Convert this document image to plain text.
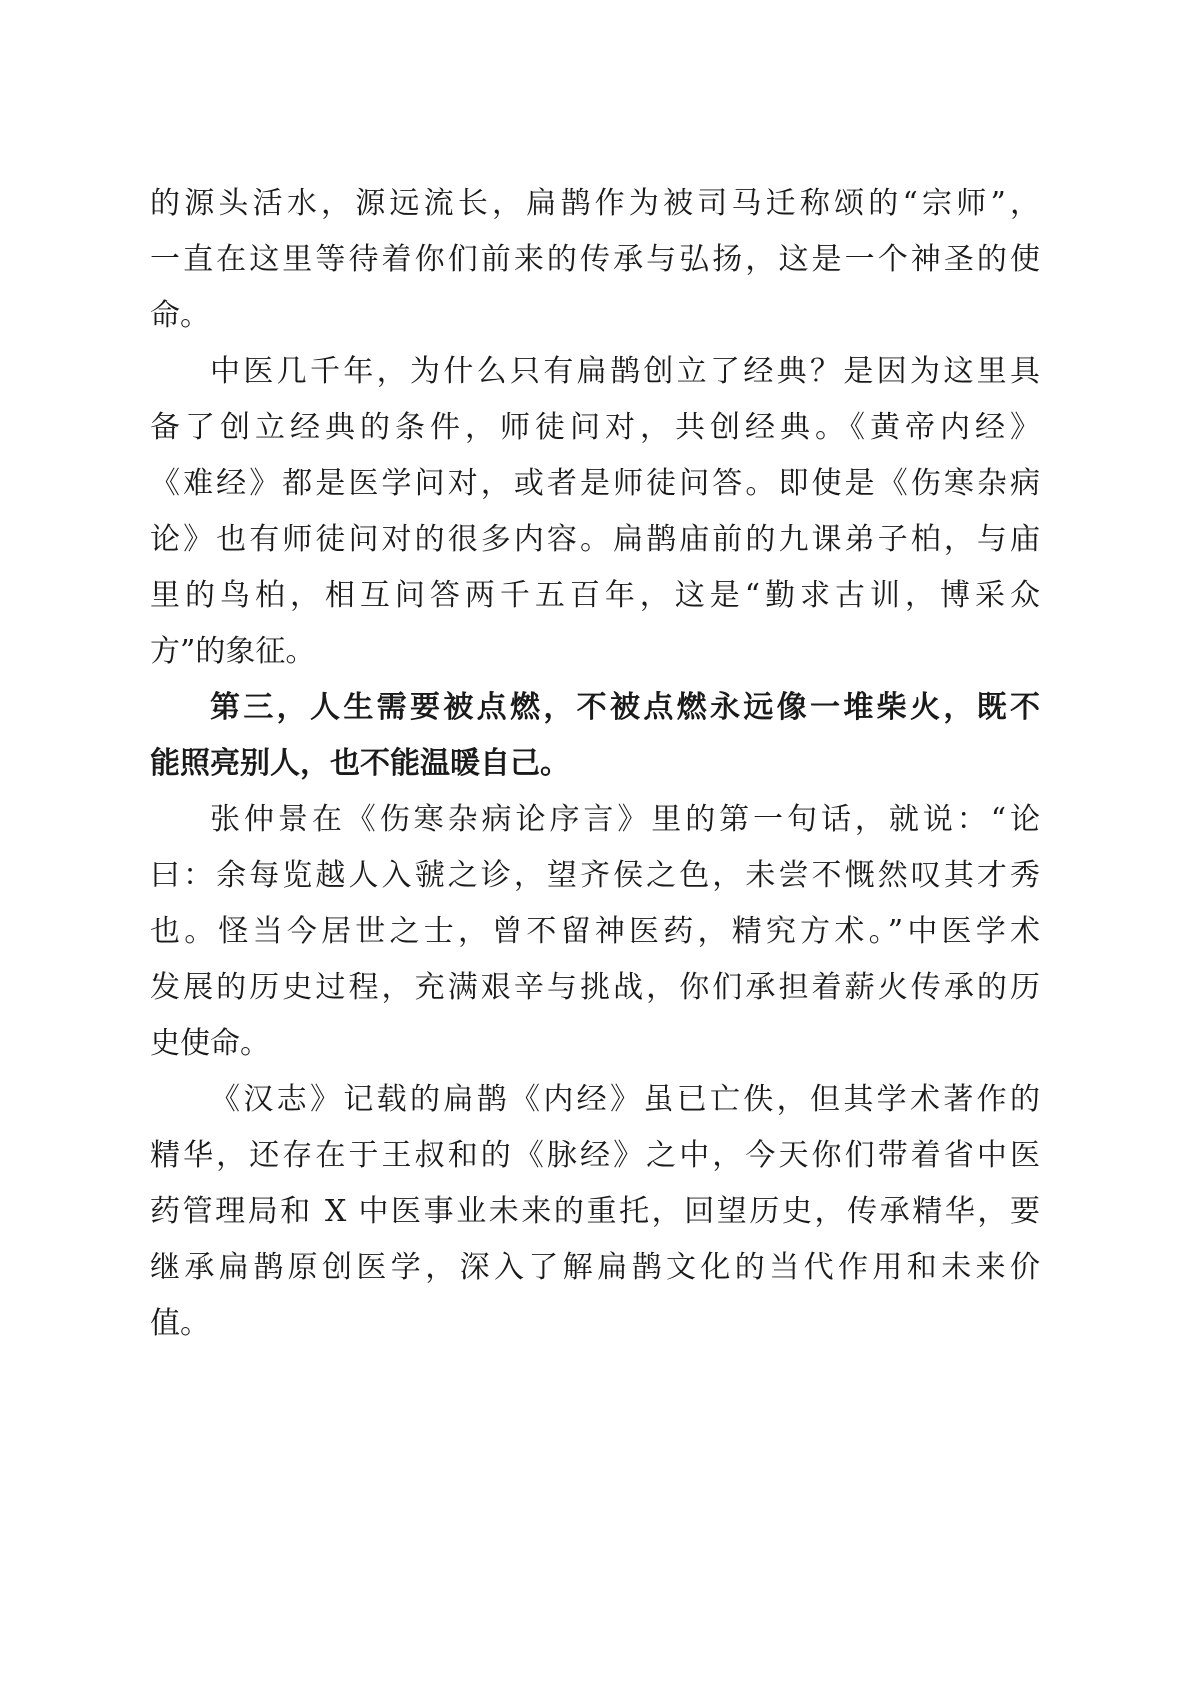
的源头活水，源远流长，扁鹊作为被司马迁称颂的“宗师”，
一直在这里等待着你们前来的传承与弘扬，这是一个神圣的使
命。
中医几千年，为什么只有扁鹊创立了经典？是因为这里具
备了创立经典的条件，师徒问对，共创经典。《黄帝内经》
《难经》都是医学问对，或者是师徒问答。即使是《伤寒杂病
论》也有师徒问对的很多内容。扁鹊庙前的九课弟子柏，与庙
里的鸟柏，相互问答两千五百年，这是“勤求古训，博采众
方”的象征。
第三，人生需要被点燃，不被点燃永远像一堆柴火，既不
能照亮别人，也不能温暖自己。
张仲景在《伤寒杂病论序言》里的第一句话，就说：“论
曰：余每览越人入虢之诊，望齐侯之色，未尝不慨然叹其才秀
也。怪当今居世之士，曾不留神医药，精究方术。”中医学术
发展的历史过程，充满艰辛与挑战，你们承担着薪火传承的历
史使命。
《汉志》记载的扁鹊《内经》虽已亡佚，但其学术著作的
精华，还存在于王叔和的《脉经》之中，今天你们带着省中医
药管理局和 X 中医事业未来的重托，回望历史，传承精华，要
继承扁鹊原创医学，深入了解扁鹊文化的当代作用和未来价
值。
